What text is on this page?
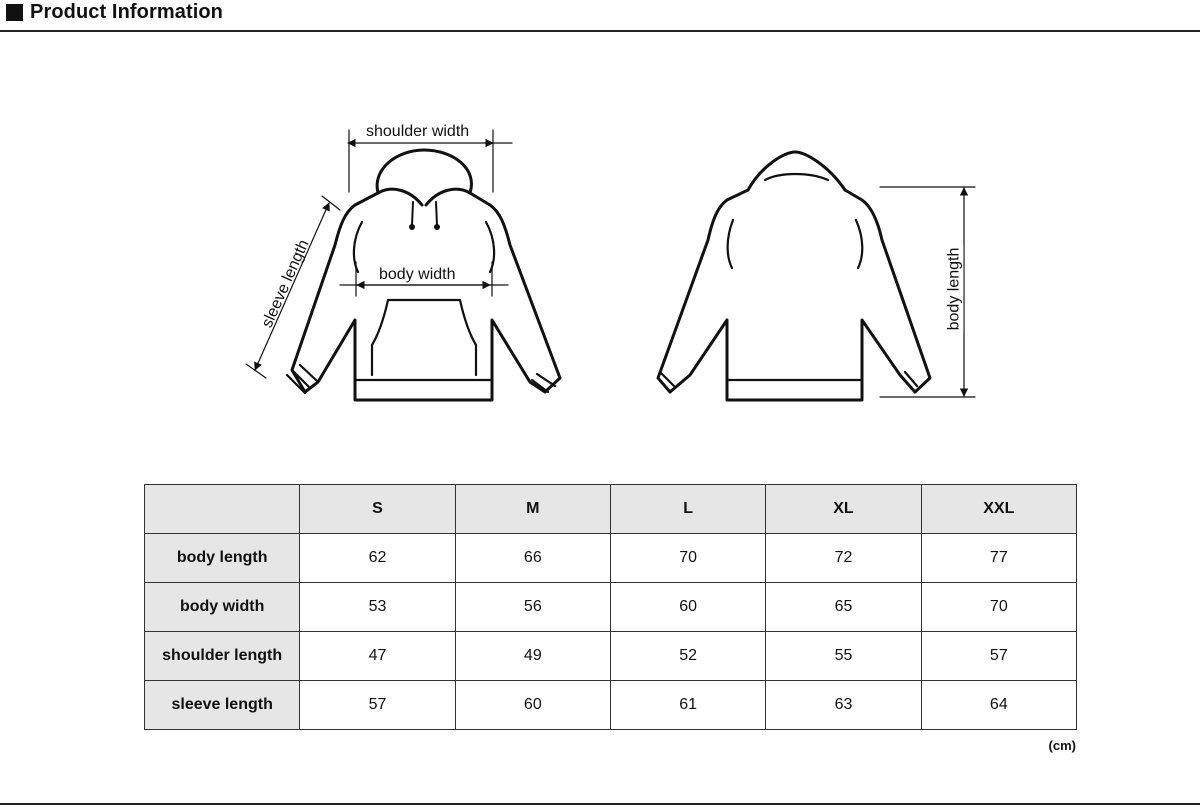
Product Information
shoulder width
body width
sleeve length	body length
	S	M	L	XL	XXL
body length	62	66	70	72	77
body width	53	56	60	65	70
shoulder length	47	49	52	55	57
sleeve length	57	60	61	63	64
(cm)
